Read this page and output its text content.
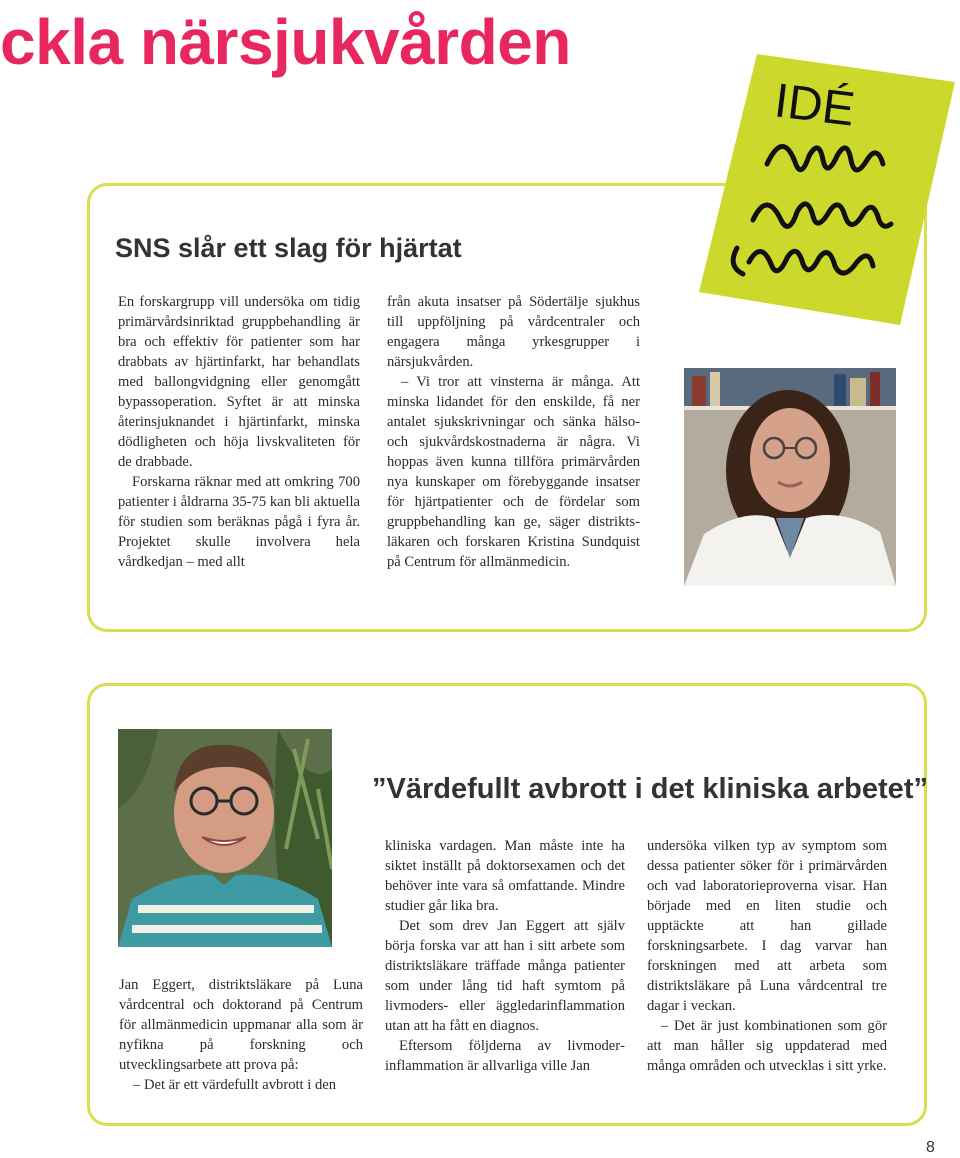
ckla närsjukvården
IDÉ
SNS slår ett slag för hjärtat

En forskargrupp vill undersöka om tidig primärvårdsinriktad gruppbehandling är bra och effektiv för patienter som har drabbats av hjärtinfarkt, har behandlats med ballongvidgning eller genomgått bypassoperation. Syftet är att minska återinsjuknandet i hjärtinfarkt, minska dödligheten och höja livskvaliteten för de drabbade.

Forskarna räknar med att omkring 700 patienter i åldrarna 35-75 kan bli aktuella för studien som beräknas pågå i fyra år. Projektet skulle involvera hela vårdkedjan – med allt

från akuta insatser på Södertälje sjukhus till uppföljning på vårdcentraler och engagera många yrkesgrupper i närsjukvården.

– Vi tror att vinsterna är många. Att minska lidandet för den enskilde, få ner antalet sjukskrivningar och sänka hälso- och sjukvårdskostnaderna är några. Vi hoppas även kunna tillföra primärvården nya kunskaper om förebyggande insatser för hjärtpatienter och de fördelar som gruppbehandling kan ge, säger distriktsläkaren och forskaren Kristina Sundquist på Centrum för allmänmedicin.

”Värdefullt avbrott i det kliniska arbetet”

Jan Eggert, distriktsläkare på Luna vårdcentral och doktorand på Centrum för allmänmedicin uppmanar alla som är nyfikna på forskning och utvecklingsarbete att prova på:

– Det är ett värdefullt avbrott i den

kliniska vardagen. Man måste inte ha siktet inställt på doktorsexamen och det behöver inte vara så omfattande. Mindre studier går lika bra.

Det som drev Jan Eggert att själv börja forska var att han i sitt arbete som distriktsläkare träffade många patienter som under lång tid haft symtom på livmoders- eller äggledarinflammation utan att ha fått en diagnos.

Eftersom följderna av livmoderinflammation är allvarliga ville Jan

undersöka vilken typ av symptom som dessa patienter söker för i primärvården och vad laboratorieproverna visar. Han började med en liten studie och upptäckte att han gillade forskningsarbete. I dag varvar han forskningen med att arbeta som distriktsläkare på Luna vårdcentral tre dagar i veckan.

– Det är just kombinationen som gör att man håller sig uppdaterad med många områden och utvecklas i sitt yrke.

8
